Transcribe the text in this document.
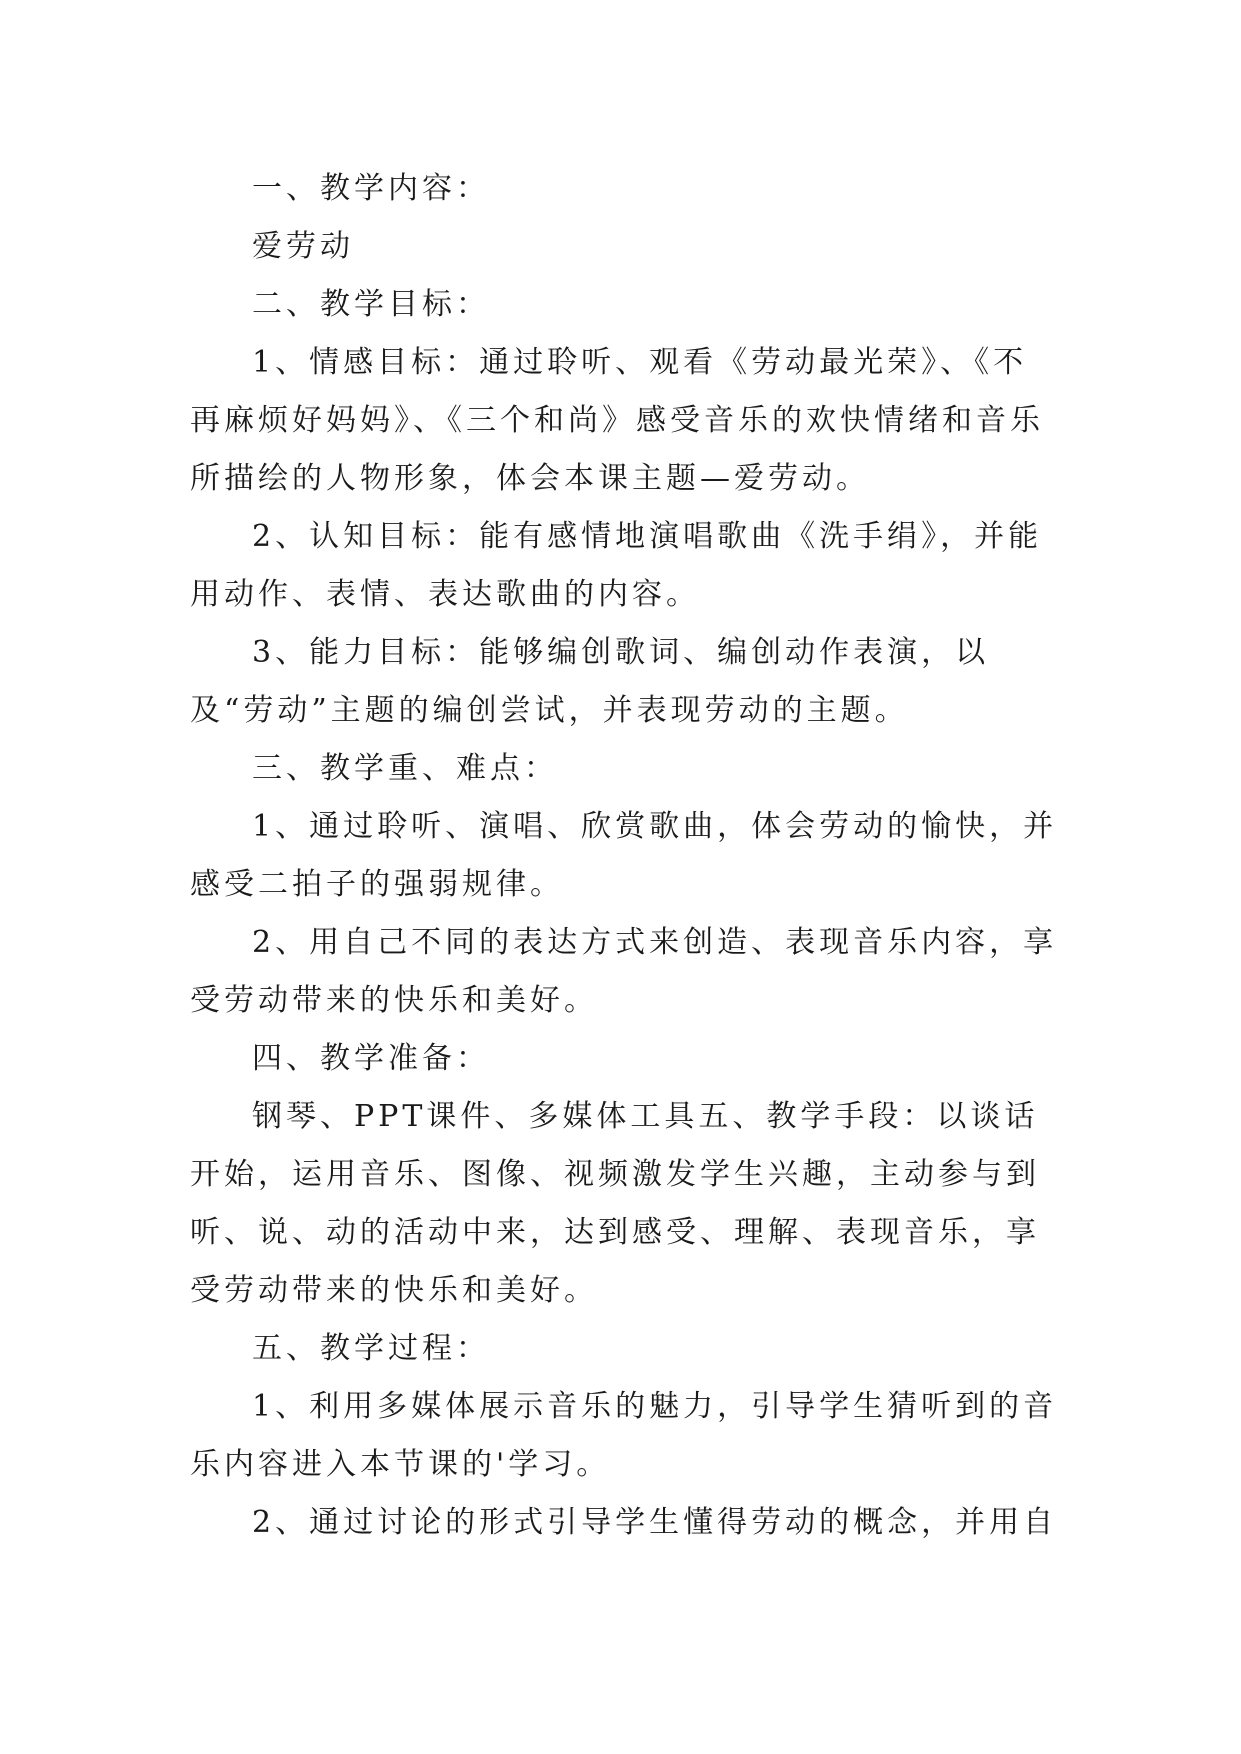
一、教学内容：

爱劳动

二、教学目标：

1、情感目标：通过聆听、观看《劳动最光荣》、《不再麻烦好妈妈》、《三个和尚》感受音乐的欢快情绪和音乐所描绘的人物形象，体会本课主题—爱劳动。

2、认知目标：能有感情地演唱歌曲《洗手绢》，并能用动作、表情、表达歌曲的内容。

3、能力目标：能够编创歌词、编创动作表演，以及“劳动”主题的编创尝试，并表现劳动的主题。

三、教学重、难点：

1、通过聆听、演唱、欣赏歌曲，体会劳动的愉快，并感受二拍子的强弱规律。

2、用自己不同的表达方式来创造、表现音乐内容，享受劳动带来的快乐和美好。

四、教学准备：

钢琴、PPT课件、多媒体工具五、教学手段：以谈话开始，运用音乐、图像、视频激发学生兴趣，主动参与到听、说、动的活动中来，达到感受、理解、表现音乐，享受劳动带来的快乐和美好。

五、教学过程：

1、利用多媒体展示音乐的魅力，引导学生猜听到的音乐内容进入本节课的'学习。

2、通过讨论的形式引导学生懂得劳动的概念，并用自
